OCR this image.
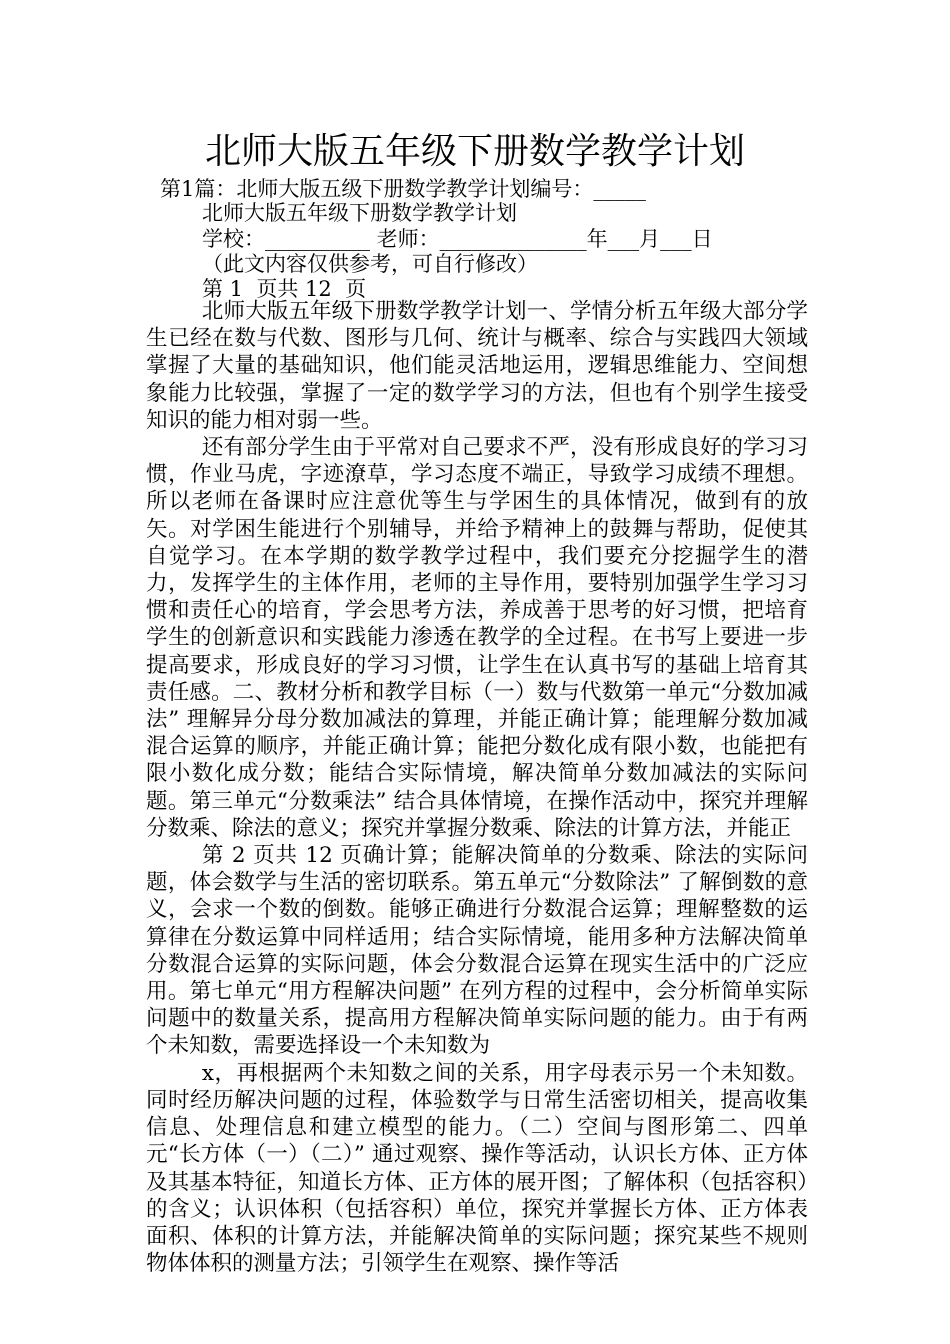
北师大版五年级下册数学教学计划
第1篇：北师大版五级下册数学教学计划编号：_____
北师大版五年级下册数学教学计划
学校：__________ 老师：______________年___月___日
（此文内容仅供参考，可自行修改）
第 1  页共 12  页

北师大版五年级下册数学教学计划一、学情分析五年级大部分学生已经在数与代数、图形与几何、统计与概率、综合与实践四大领域掌握了大量的基础知识，他们能灵活地运用，逻辑思维能力、空间想象能力比较强，掌握了一定的数学学习的方法，但也有个别学生接受知识的能力相对弱一些。

还有部分学生由于平常对自己要求不严，没有形成良好的学习习惯，作业马虎，字迹潦草，学习态度不端正，导致学习成绩不理想。所以老师在备课时应注意优等生与学困生的具体情况，做到有的放矢。对学困生能进行个别辅导，并给予精神上的鼓舞与帮助，促使其自觉学习。在本学期的数学教学过程中，我们要充分挖掘学生的潜力，发挥学生的主体作用，老师的主导作用，要特别加强学生学习习惯和责任心的培育，学会思考方法，养成善于思考的好习惯，把培育学生的创新意识和实践能力渗透在教学的全过程。在书写上要进一步提高要求，形成良好的学习习惯，让学生在认真书写的基础上培育其责任感。二、教材分析和教学目标（一）数与代数第一单元“分数加减法” 理解异分母分数加减法的算理，并能正确计算；能理解分数加减混合运算的顺序，并能正确计算；能把分数化成有限小数，也能把有限小数化成分数；能结合实际情境，解决简单分数加减法的实际问题。第三单元“分数乘法” 结合具体情境，在操作活动中，探究并理解分数乘、除法的意义；探究并掌握分数乘、除法的计算方法，并能正

第 2 页共 12 页确计算；能解决简单的分数乘、除法的实际问题，体会数学与生活的密切联系。第五单元“分数除法” 了解倒数的意义，会求一个数的倒数。能够正确进行分数混合运算；理解整数的运算律在分数运算中同样适用；结合实际情境，能用多种方法解决简单分数混合运算的实际问题，体会分数混合运算在现实生活中的广泛应用。第七单元“用方程解决问题” 在列方程的过程中，会分析简单实际问题中的数量关系，提高用方程解决简单实际问题的能力。由于有两个未知数，需要选择设一个未知数为

x，再根据两个未知数之间的关系，用字母表示另一个未知数。同时经历解决问题的过程，体验数学与日常生活密切相关，提高收集信息、处理信息和建立模型的能力。（二）空间与图形第二、四单元“长方体（一）（二）” 通过观察、操作等活动，认识长方体、正方体及其基本特征，知道长方体、正方体的展开图；了解体积（包括容积）的含义；认识体积（包括容积）单位，探究并掌握长方体、正方体表面积、体积的计算方法，并能解决简单的实际问题；探究某些不规则物体体积的测量方法；引领学生在观察、操作等活
